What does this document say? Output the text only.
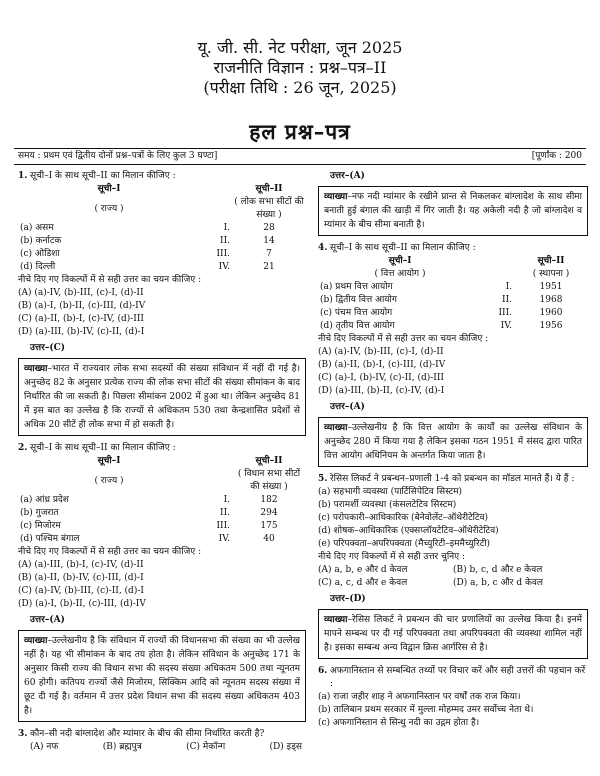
यू. जी. सी. नेट परीक्षा, जून 2025
राजनीति विज्ञान : प्रश्न–पत्र–II
(परीक्षा तिथि : 26 जून, 2025)
हल प्रश्न–पत्र
समय : प्रथम एवं द्वितीय दोनों प्रश्न–पत्रों के लिए कुल 3 घण्टा]	[पूर्णांक : 200
1. सूची–I के साथ सूची–II का मिलान कीजिए :
सूची–I		सूची–II
( राज्य )		( लोक सभा सीटों की संख्या )
(a) असम	I.	28
(b) कर्नाटक	II.	14
(c) ओडिशा	III.	7
(d) दिल्ली	IV.	21
नीचे दिए गए विकल्पों में से सही उत्तर का चयन कीजिए :
(A) (a)-IV, (b)-III, (c)-I, (d)-II
(B) (a)-I, (b)-II, (c)-III, (d)-IV
(C) (a)-II, (b)-I, (c)-IV, (d)-III
(D) (a)-III, (b)-IV, (c)-II, (d)-I
उत्तर–(C)
व्याख्या–भारत में राज्यवार लोक सभा सदस्यों की संख्या संविधान में नहीं दी गई है। अनुच्छेद 82 के अनुसार प्रत्येक राज्य की लोक सभा सीटों की संख्या सीमांकन के बाद निर्धारित की जा सकती है। पिछला सीमांकन 2002 में हुआ था। लेकिन अनुच्छेद 81 में इस बात का उल्लेख है कि राज्यों से अधिकतम 530 तथा केन्द्रशासित प्रदेशों से अधिक 20 सीटें ही लोक सभा में हो सकती है।
2. सूची–I के साथ सूची–II का मिलान कीजिए :
सूची–I		सूची–II
( राज्य )		( विधान सभा सीटों की संख्या )
(a) आंध्र प्रदेश	I.	182
(b) गुजरात	II.	294
(c) मिजोरम	III.	175
(d) पश्चिम बंगाल	IV.	40
नीचे दिए गए विकल्पों में से सही उत्तर का चयन कीजिए :
(A) (a)-III, (b)-I, (c)-IV, (d)-II
(B) (a)-II, (b)-IV, (c)-III, (d)-I
(C) (a)-IV, (b)-III, (c)-II, (d)-I
(D) (a)-I, (b)-II, (c)-III, (d)-IV
उत्तर–(A)
व्याख्या–उल्लेखनीय है कि संविधान में राज्यों की विधानसभा की संख्या का भी उल्लेख नहीं है। यह भी सीमांकन के बाद तय होता है। लेकिन संविधान के अनुच्छेद 171 के अनुसार किसी राज्य की विधान सभा की सदस्य संख्या अधिकतम 500 तथा न्यूनतम 60 होगी। कतिपय राज्यों जैसे मिजोरम, सिक्किम आदि को न्यूनतम सदस्य संख्या में छूट दी गई है। वर्तमान में उत्तर प्रदेश विधान सभा की सदस्य संख्या अधिकतम 403 है।
3. कौन–सी नदी बांग्लादेश और म्यांमार के बीच की सीमा निर्धारित करती है?
(A) नफ	(B) ब्रह्मपुत्र	(C) मेकॉन्ग	(D) इड्स
उत्तर–(A)
व्याख्या–नफ नदी म्यांमार के रखीने प्रान्त से निकलकर बांग्लादेश के साथ सीमा बनाती हुई बंगाल की खाड़ी में गिर जाती है। यह अकेली नदी है जो बांग्लादेश व म्यांमार के बीच सीमा बनाती है।
4. सूची–I के साथ सूची–II का मिलान कीजिए :
सूची–I		सूची–II
( वित्त आयोग )		( स्थापना )
(a) प्रथम वित्त आयोग	I.	1951
(b) द्वितीय वित्त आयोग	II.	1968
(c) पंचम वित्त आयोग	III.	1960
(d) तृतीय वित्त आयोग	IV.	1956
नीचे दिए विकल्पों में से सही उत्तर का चयन कीजिए :
(A) (a)-IV, (b)-III, (c)-I, (d)-II
(B) (a)-II, (b)-I, (c)-III, (d)-IV
(C) (a)-I, (b)-IV, (c)-II, (d)-III
(D) (a)-III, (b)-II, (c)-IV, (d)-I
उत्तर–(A)
व्याख्या–उल्लेखनीय है कि वित्त आयोग के कार्यों का उल्लेख संविधान के अनुच्छेद 280 में किया गया है लेकिन इसका गठन 1951 में संसद द्वारा पारित वित्त आयोग अधिनियम के अन्तर्गत किया जाता है।
5. रेसिस लिकर्ट ने प्रबन्धन–प्रणाली 1-4 को प्रबन्धन का मॉडल मानते हैं। ये हैं :
(a) सहभागी व्यवस्था (पार्टिसिपेटिव सिस्टम)
(b) परामर्शी व्यवस्था (कंसलटेटिव सिस्टम)
(c) परोपकारी–आधिकारिक (बेनेवोलेंट–ऑथेरीटेटिव)
(d) शोषक–आधिकारिक (एक्सप्लॉयटेटिव–ऑथेरीटेटिव)
(e) परिपक्वता–अपरिपक्वता (मैच्युरिटी–इममैच्युरिटी)
नीचे दिए गए विकल्पों में से सही उत्तर चुनिए :
(A) a, b, e और d केवल	(B) b, c, d और e केवल
(C) a, c, d और e केवल	(D) a, b, c और d केवल
उत्तर–(D)
व्याख्या–रेसिस लिकर्ट ने प्रबन्धन की चार प्रणालियों का उल्लेख किया है। इनमें मापने सम्बन्ध पर दी गई परिपक्वता तथा अपरिपक्वता की व्यवस्था शामिल नहीं है। इसका सम्बन्ध अन्य विद्वान क्रिस आर्गरिस से है।
6. अफगानिस्तान से सम्बन्धित तथ्यों पर विचार करें और सही उत्तरों की पहचान करें :
(a) राजा जहीर शाह ने अफगानिस्तान पर वर्षों तक राज किया।
(b) तालिबान प्रथम सरकार में मुल्ला मोहम्मद उमर सर्वोच्च नेता थे।
(c) अफगानिस्तान से सिन्धु नदी का उद्गम होता है।
